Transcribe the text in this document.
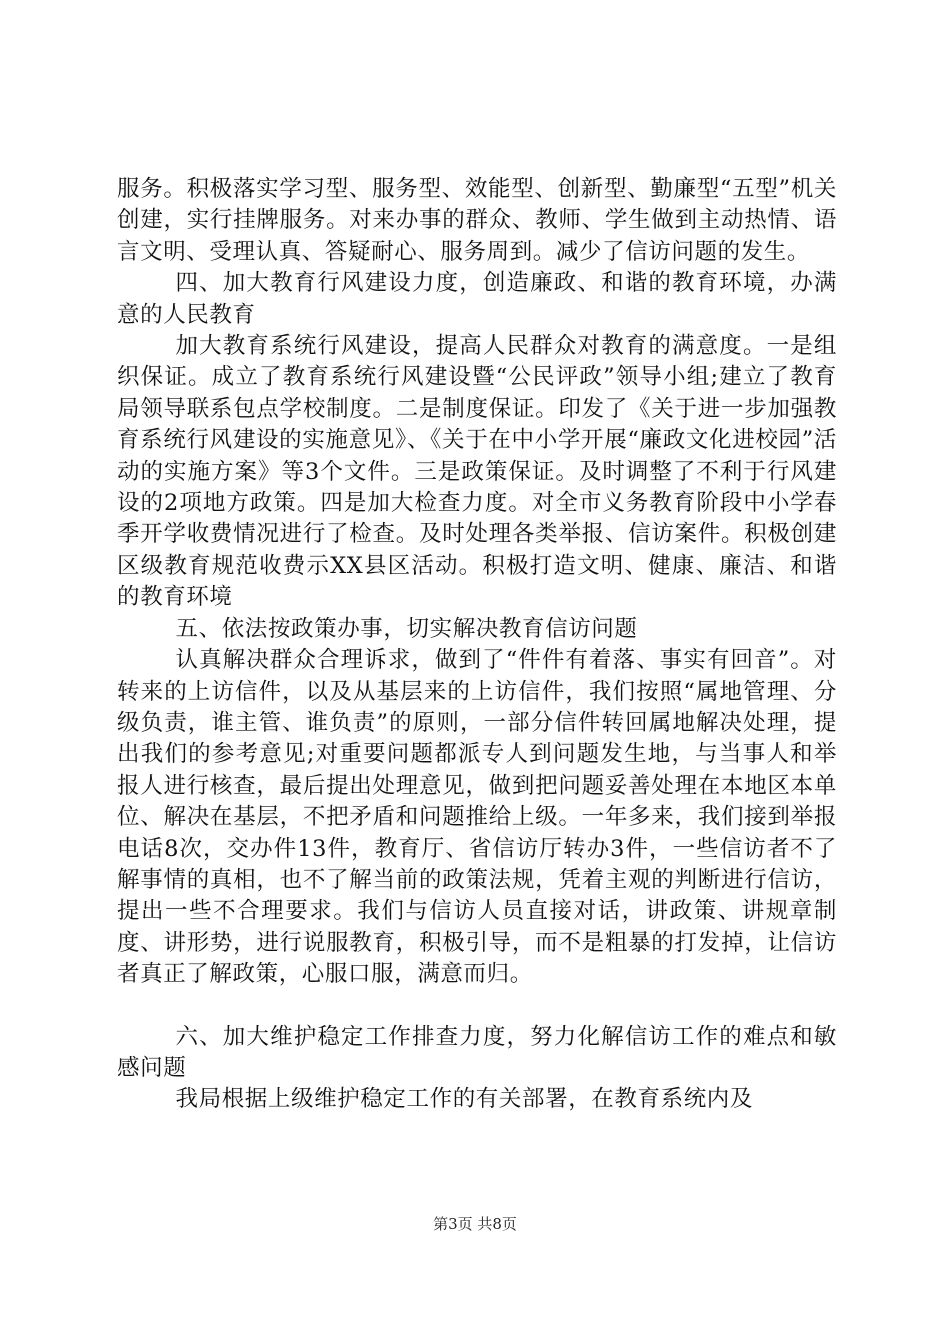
服务。积极落实学习型、服务型、效能型、创新型、勤廉型“五型”机关创建，实行挂牌服务。对来办事的群众、教师、学生做到主动热情、语言文明、受理认真、答疑耐心、服务周到。减少了信访问题的发生。

四、加大教育行风建设力度，创造廉政、和谐的教育环境，办满意的人民教育

加大教育系统行风建设，提高人民群众对教育的满意度。一是组织保证。成立了教育系统行风建设暨“公民评政”领导小组;建立了教育局领导联系包点学校制度。二是制度保证。印发了《关于进一步加强教育系统行风建设的实施意见》、《关于在中小学开展“廉政文化进校园”活动的实施方案》等3个文件。三是政策保证。及时调整了不利于行风建设的2项地方政策。四是加大检查力度。对全市义务教育阶段中小学春季开学收费情况进行了检查。及时处理各类举报、信访案件。积极创建区级教育规范收费示XX县区活动。积极打造文明、健康、廉洁、和谐的教育环境

五、依法按政策办事，切实解决教育信访问题

认真解决群众合理诉求，做到了“件件有着落、事实有回音”。对转来的上访信件，以及从基层来的上访信件，我们按照“属地管理、分级负责，谁主管、谁负责”的原则，一部分信件转回属地解决处理，提出我们的参考意见;对重要问题都派专人到问题发生地，与当事人和举报人进行核查，最后提出处理意见，做到把问题妥善处理在本地区本单位、解决在基层，不把矛盾和问题推给上级。一年多来，我们接到举报电话8次，交办件13件，教育厅、省信访厅转办3件，一些信访者不了解事情的真相，也不了解当前的政策法规，凭着主观的判断进行信访，提出一些不合理要求。我们与信访人员直接对话，讲政策、讲规章制度、讲形势，进行说服教育，积极引导，而不是粗暴的打发掉，让信访者真正了解政策，心服口服，满意而归。

六、加大维护稳定工作排查力度，努力化解信访工作的难点和敏感问题

我局根据上级维护稳定工作的有关部署，在教育系统内及

第3页 共8页
